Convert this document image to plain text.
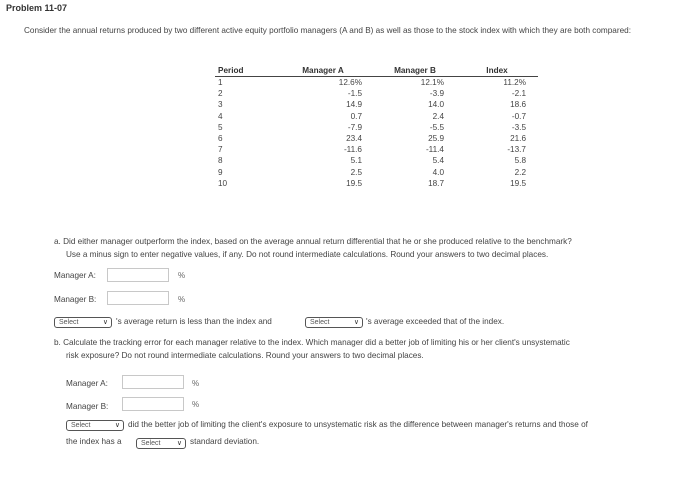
Problem 11-07
Consider the annual returns produced by two different active equity portfolio managers (A and B) as well as those to the stock index with which they are both compared:
Period	Manager A	Manager B	Index
1	12.6%	12.1%	11.2%
2	-1.5	-3.9	-2.1
3	14.9	14.0	18.6
4	0.7	2.4	-0.7
5	-7.9	-5.5	-3.5
6	23.4	25.9	21.6
7	-11.6	-11.4	-13.7
8	5.1	5.4	5.8
9	2.5	4.0	2.2
10	19.5	18.7	19.5
a. Did either manager outperform the index, based on the average annual return differential that he or she produced relative to the benchmark?
Use a minus sign to enter negative values, if any. Do not round intermediate calculations. Round your answers to two decimal places.
Manager A:	%
Manager B:	%
Select	∨ 's average return is less than the index and	Select	∨ 's average exceeded that of the index.
b. Calculate the tracking error for each manager relative to the index. Which manager did a better job of limiting his or her client's unsystematic
risk exposure? Do not round intermediate calculations. Round your answers to two decimal places.
Manager A:	%
Manager B:	%
Select	∨ did the better job of limiting the client's exposure to unsystematic risk as the difference between manager's returns and those of
the index has a	Select ∨ standard deviation.
